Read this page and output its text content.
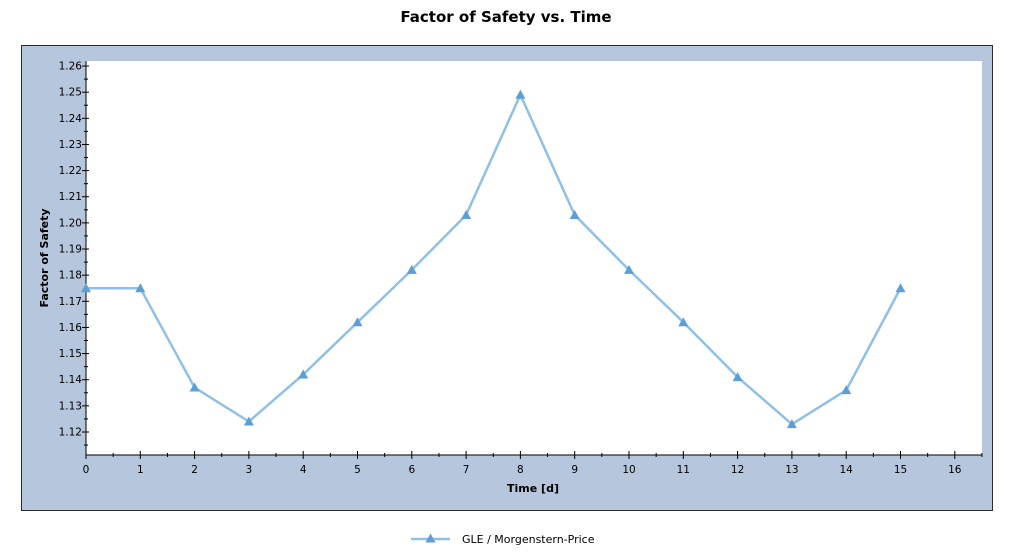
Factor of Safety vs. Time
1.12
1.13
1.14
1.15
1.16
1.17
1.18
1.19
1.20
1.21
1.22
1.23
1.24
1.25
1.26
0	1	2	3	4	5	6	7	8	9	10	11	12	13	14	15	16
Factor of Safety
Time [d]
GLE / Morgenstern-Price
